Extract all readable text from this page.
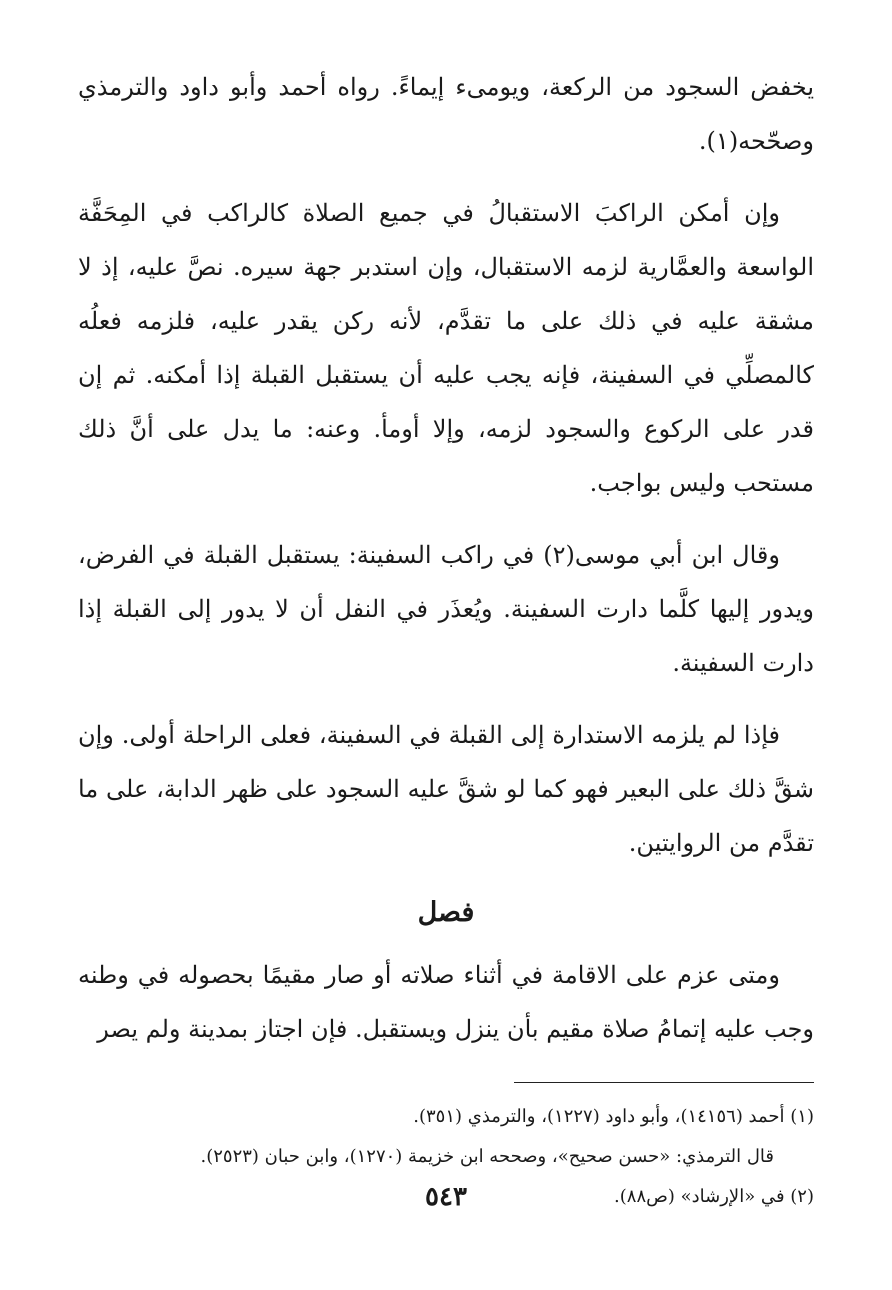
يخفض السجود من الركعة، ويومىء إيماءً. رواه أحمد وأبو داود والترمذي وصحّحه(١).

وإن أمكن الراكبَ الاستقبالُ في جميع الصلاة كالراكب في المِحَفَّة الواسعة والعمَّارية لزمه الاستقبال، وإن استدبر جهة سيره. نصَّ عليه، إذ لا مشقة عليه في ذلك على ما تقدَّم، لأنه ركن يقدر عليه، فلزمه فعلُه كالمصلِّي في السفينة، فإنه يجب عليه أن يستقبل القبلة إذا أمكنه. ثم إن قدر على الركوع والسجود لزمه، وإلا أومأ. وعنه: ما يدل على أنَّ ذلك مستحب وليس بواجب.

وقال ابن أبي موسى(٢) في راكب السفينة: يستقبل القبلة في الفرض، ويدور إليها كلَّما دارت السفينة. ويُعذَر في النفل أن لا يدور إلى القبلة إذا دارت السفينة.

فإذا لم يلزمه الاستدارة إلى القبلة في السفينة، فعلى الراحلة أولى. وإن شقَّ ذلك على البعير فهو كما لو شقَّ عليه السجود على ظهر الدابة، على ما تقدَّم من الروايتين.

فصل

ومتى عزم على الاقامة في أثناء صلاته أو صار مقيمًا بحصوله في وطنه وجب عليه إتمامُ صلاة مقيم بأن ينزل ويستقبل. فإن اجتاز بمدينة ولم يصر

(١) أحمد (١٤١٥٦)، وأبو داود (١٢٢٧)، والترمذي (٣٥١).

قال الترمذي: «حسن صحيح»، وصححه ابن خزيمة (١٢٧٠)، وابن حبان (٢٥٢٣).

(٢) في «الإرشاد» (ص٨٨).

٥٤٣
